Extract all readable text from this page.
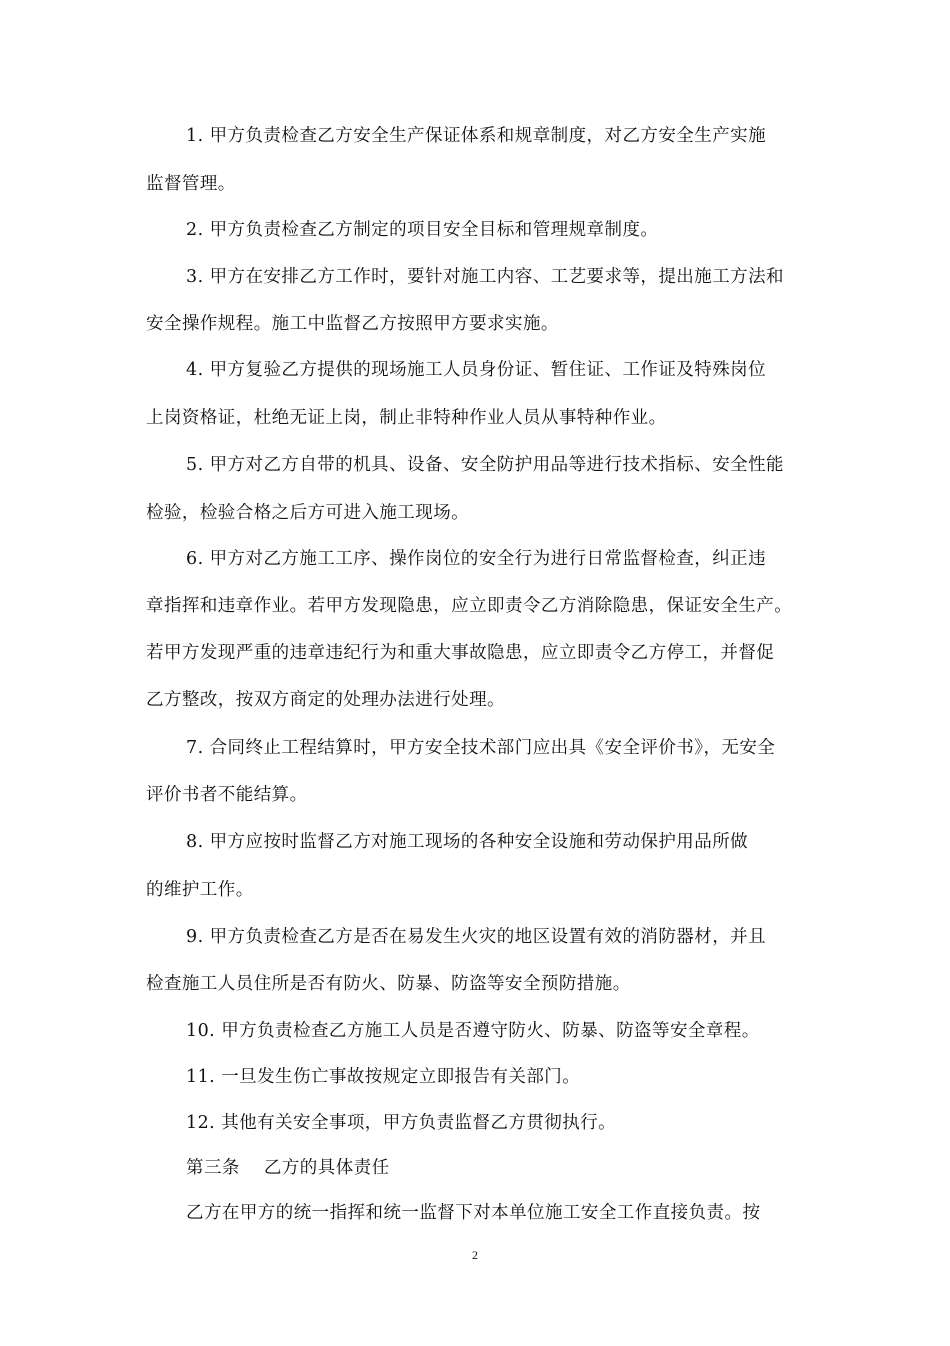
1. 甲方负责检查乙方安全生产保证体系和规章制度，对乙方安全生产实施
监督管理。
2. 甲方负责检查乙方制定的项目安全目标和管理规章制度。
3. 甲方在安排乙方工作时，要针对施工内容、工艺要求等，提出施工方法和
安全操作规程。施工中监督乙方按照甲方要求实施。
4. 甲方复验乙方提供的现场施工人员身份证、暂住证、工作证及特殊岗位
上岗资格证，杜绝无证上岗，制止非特种作业人员从事特种作业。
5. 甲方对乙方自带的机具、设备、安全防护用品等进行技术指标、安全性能
检验，检验合格之后方可进入施工现场。
6. 甲方对乙方施工工序、操作岗位的安全行为进行日常监督检查，纠正违
章指挥和违章作业。若甲方发现隐患，应立即责令乙方消除隐患，保证安全生产。
若甲方发现严重的违章违纪行为和重大事故隐患，应立即责令乙方停工，并督促
乙方整改，按双方商定的处理办法进行处理。
7. 合同终止工程结算时，甲方安全技术部门应出具《安全评价书》，无安全
评价书者不能结算。
8. 甲方应按时监督乙方对施工现场的各种安全设施和劳动保护用品所做
的维护工作。
9. 甲方负责检查乙方是否在易发生火灾的地区设置有效的消防器材，并且
检查施工人员住所是否有防火、防暴、防盗等安全预防措施。
10. 甲方负责检查乙方施工人员是否遵守防火、防暴、防盗等安全章程。
11. 一旦发生伤亡事故按规定立即报告有关部门。
12. 其他有关安全事项，甲方负责监督乙方贯彻执行。
第三条    乙方的具体责任
乙方在甲方的统一指挥和统一监督下对本单位施工安全工作直接负责。按
2
